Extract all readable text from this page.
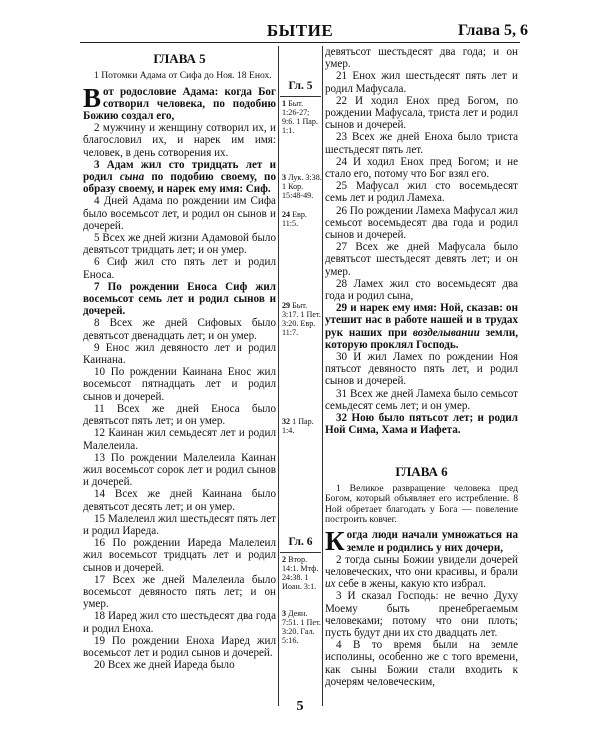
БЫТИЕ	Глава 5, 6
ГЛАВА 5

1 Потомки Адама от Сифа до Ноя. 18 Енох.

Вот родословие Адама: когда Бог сотворил человека, по подобию Божию создал его,

2 мужчину и женщину сотворил их, и благословил их, и нарек им имя: человек, в день сотворения их.

3 Адам жил сто тридцать лет и родил сына по подобию своему, по образу своему, и нарек ему имя: Сиф.

4 Дней Адама по рождении им Сифа было восемьсот лет, и родил он сынов и дочерей.

5 Всех же дней жизни Адамовой было девятьсот тридцать лет; и он умер.

6 Сиф жил сто пять лет и родил Еноса.

7 По рождении Еноса Сиф жил восемьсот семь лет и родил сынов и дочерей.

8 Всех же дней Сифовых было девятьсот двенадцать лет; и он умер.

9 Енос жил девяносто лет и родил Каинана.

10 По рождении Каинана Енос жил восемьсот пятнадцать лет и родил сынов и дочерей.

11 Всех же дней Еноса было девятьсот пять лет; и он умер.

12 Каинан жил семьдесят лет и родил Малелеила.

13 По рождении Малелеила Каинан жил восемьсот сорок лет и родил сынов и дочерей.

14 Всех же дней Каинана было девятьсот десять лет; и он умер.

15 Малелеил жил шестьдесят пять лет и родил Иареда.

16 По рождении Иареда Малелеил жил восемьсот тридцать лет и родил сынов и дочерей.

17 Всех же дней Малелеила было восемьсот девяносто пять лет; и он умер.

18 Иаред жил сто шестьдесят два года и родил Еноха.

19 По рождении Еноха Иаред жил восемьсот лет и родил сынов и дочерей.

20 Всех же дней Иареда было

Гл. 5
1 Быт. 1:26-27; 9:6. 1 Пар. 1:1.
3 Лук. 3:38. 1 Кор. 15:48-49.
24 Евр. 11:5.
29 Быт. 3:17. 1 Пет. 3:20. Евр. 11:7.
32 1 Пар. 1:4.
Гл. 6
2 Втор. 14:1. Мтф. 24:38. 1 Иоан. 3:1.
3 Деян. 7:51. 1 Пет. 3:20. Гал. 5:16.

девятьсот шестьдесят два года; и он умер.

21 Енох жил шестьдесят пять лет и родил Мафусала.

22 И ходил Енох пред Богом, по рождении Мафусала, триста лет и родил сынов и дочерей.

23 Всех же дней Еноха было триста шестьдесят пять лет.

24 И ходил Енох пред Богом; и не стало его, потому что Бог взял его.

25 Мафусал жил сто восемьдесят семь лет и родил Ламеха.

26 По рождении Ламеха Мафусал жил семьсот восемьдесят два года и родил сынов и дочерей.

27 Всех же дней Мафусала было девятьсот шестьдесят девять лет; и он умер.

28 Ламех жил сто восемьдесят два года и родил сына,

29 и нарек ему имя: Ной, сказав: он утешит нас в работе нашей и в трудах рук наших при возделывании земли, которую проклял Господь.

30 И жил Ламех по рождении Ноя пятьсот девяносто пять лет, и родил сынов и дочерей.

31 Всех же дней Ламеха было семьсот семьдесят семь лет; и он умер.

32 Ною было пятьсот лет; и родил Ной Сима, Хама и Иафета.

ГЛАВА 6

1 Великое развращение человека пред Богом, который объявляет его истребление. 8 Ной обретает благодать у Бога — повеление построить ковчег.

Когда люди начали умножаться на земле и родились у них дочери,

2 тогда сыны Божии увидели дочерей человеческих, что они красивы, и брали их себе в жены, какую кто избрал.

3 И сказал Господь: не вечно Духу Моему быть пренебрегаемым человеками; потому что они плоть; пусть будут дни их сто двадцать лет.

4 В то время были на земле исполины, особенно же с того времени, как сыны Божии стали входить к дочерям человеческим,

5
